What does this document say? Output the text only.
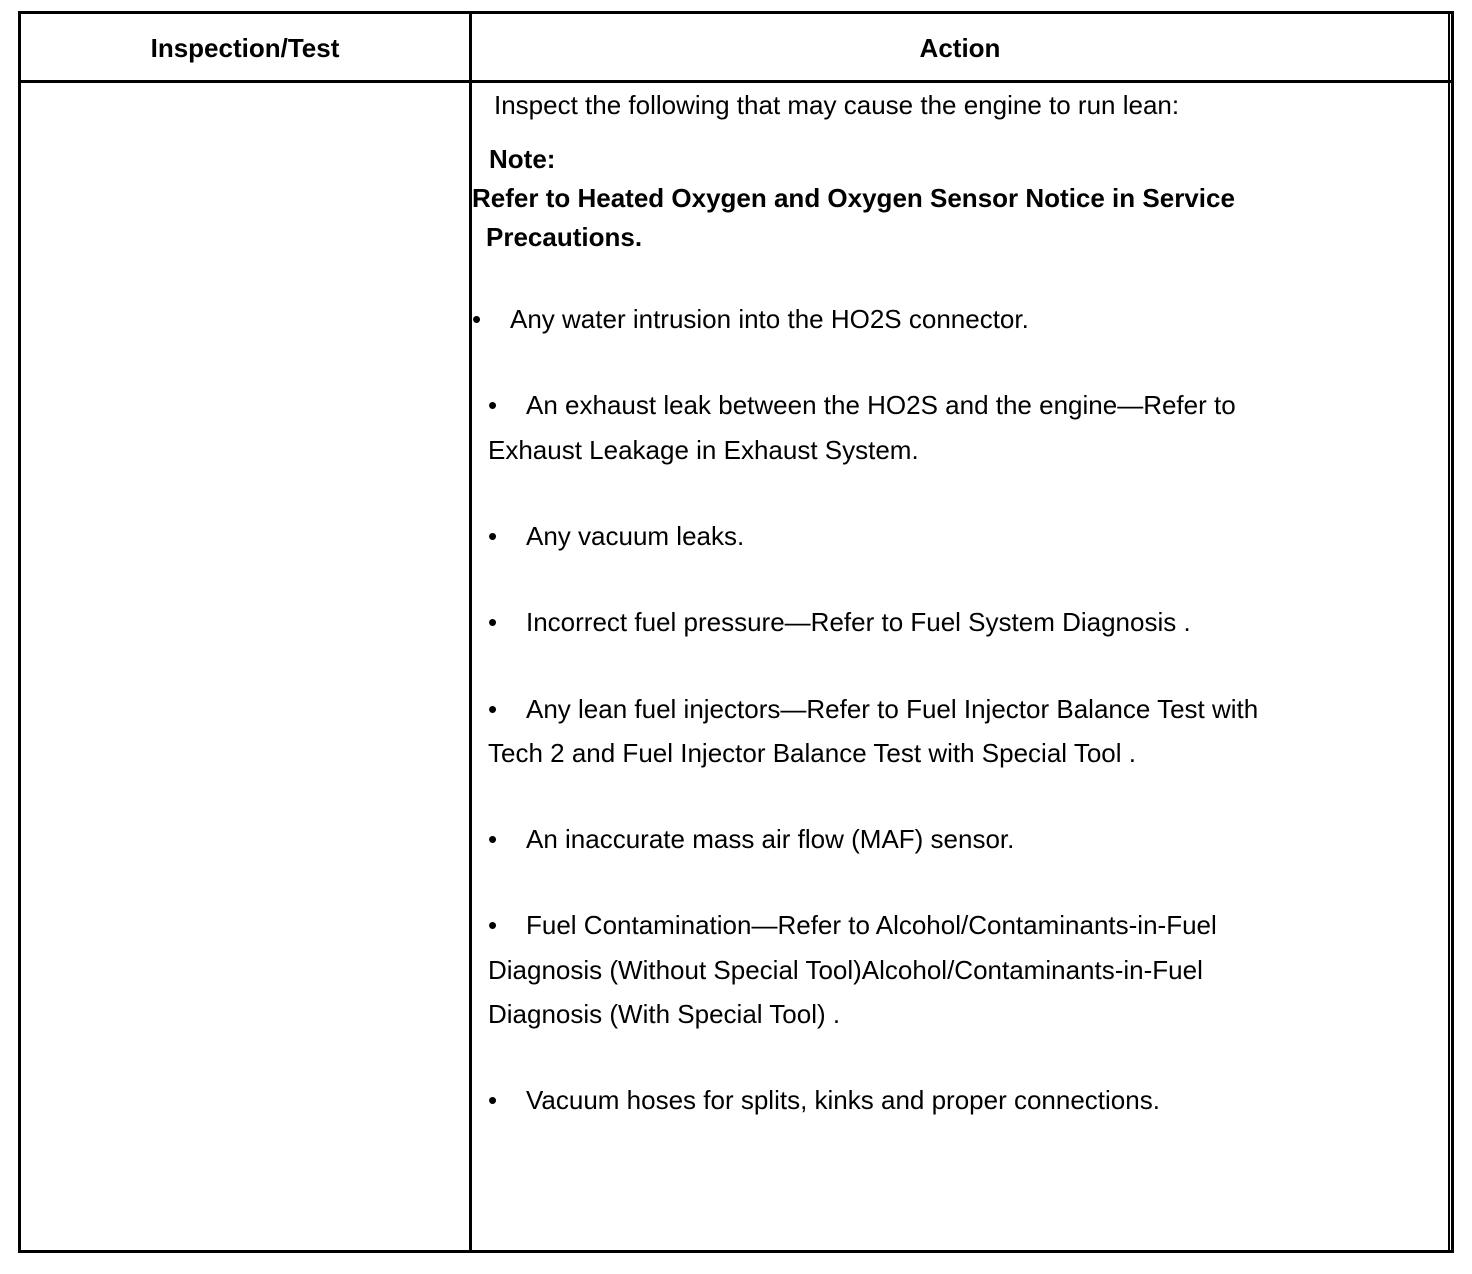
Inspection/Test	Action
Inspect the following that may cause the engine to run lean:
Note:
Refer to Heated Oxygen and Oxygen Sensor Notice in Service
Precautions.
• Any water intrusion into the HO2S connector.
• An exhaust leak between the HO2S and the engine—Refer to
Exhaust Leakage in Exhaust System.
• Any vacuum leaks.
• Incorrect fuel pressure—Refer to Fuel System Diagnosis .
• Any lean fuel injectors—Refer to Fuel Injector Balance Test with
Tech 2 and Fuel Injector Balance Test with Special Tool .
• An inaccurate mass air flow (MAF) sensor.
• Fuel Contamination—Refer to Alcohol/Contaminants-in-Fuel
Diagnosis (Without Special Tool)Alcohol/Contaminants-in-Fuel
Diagnosis (With Special Tool) .
• Vacuum hoses for splits, kinks and proper connections.
